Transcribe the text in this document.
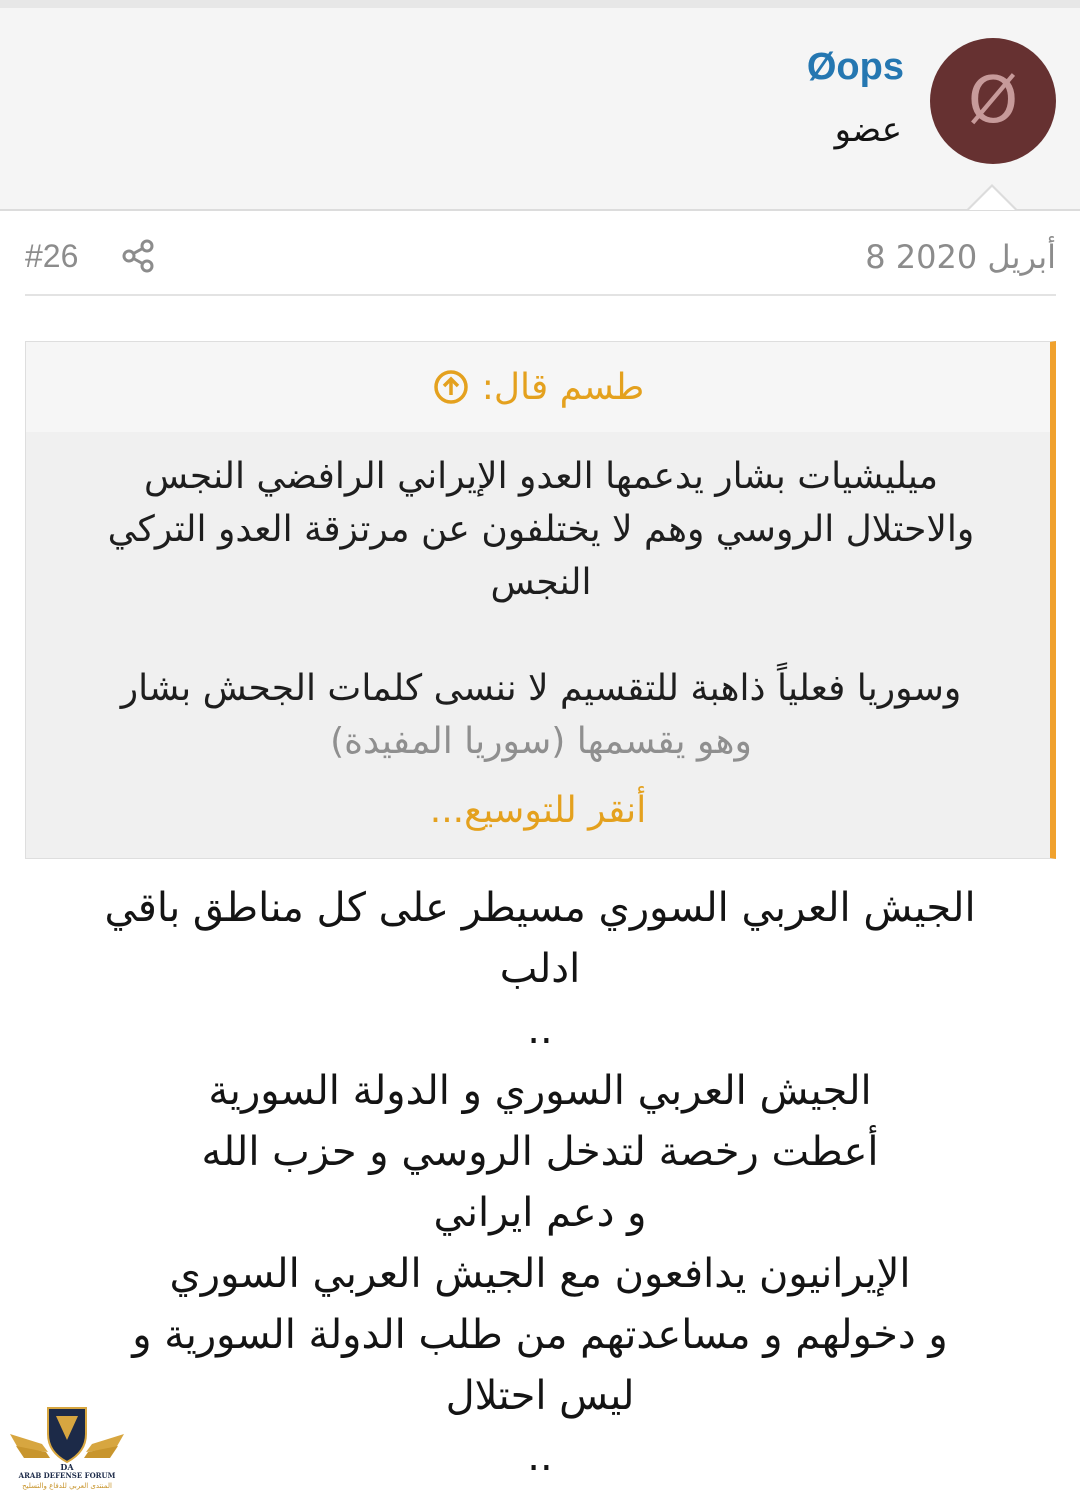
Ø
Øops
عضو
#26	8 أبريل 2020
طسم قال:

ميليشيات بشار يدعمها العدو الإيراني الرافضي النجس

والاحتلال الروسي وهم لا يختلفون عن مرتزقة العدو التركي

النجس

وسوريا فعلياً ذاهبة للتقسيم لا ننسى كلمات الجحش بشار

وهو يقسمها (سوريا المفيدة)

أنقر للتوسيع...

الجيش العربي السوري مسيطر على كل مناطق باقي

ادلب

..

الجيش العربي السوري و الدولة السورية

أعطت رخصة لتدخل الروسي و حزب الله

و دعم ايراني

الإيرانيون يدافعون مع الجيش العربي السوري

و دخولهم و مساعدتهم من طلب الدولة السورية و

ليس احتلال

..

DA
ARAB DEFENSE FORUM
المنتدى العربي للدفاع والتسليح
